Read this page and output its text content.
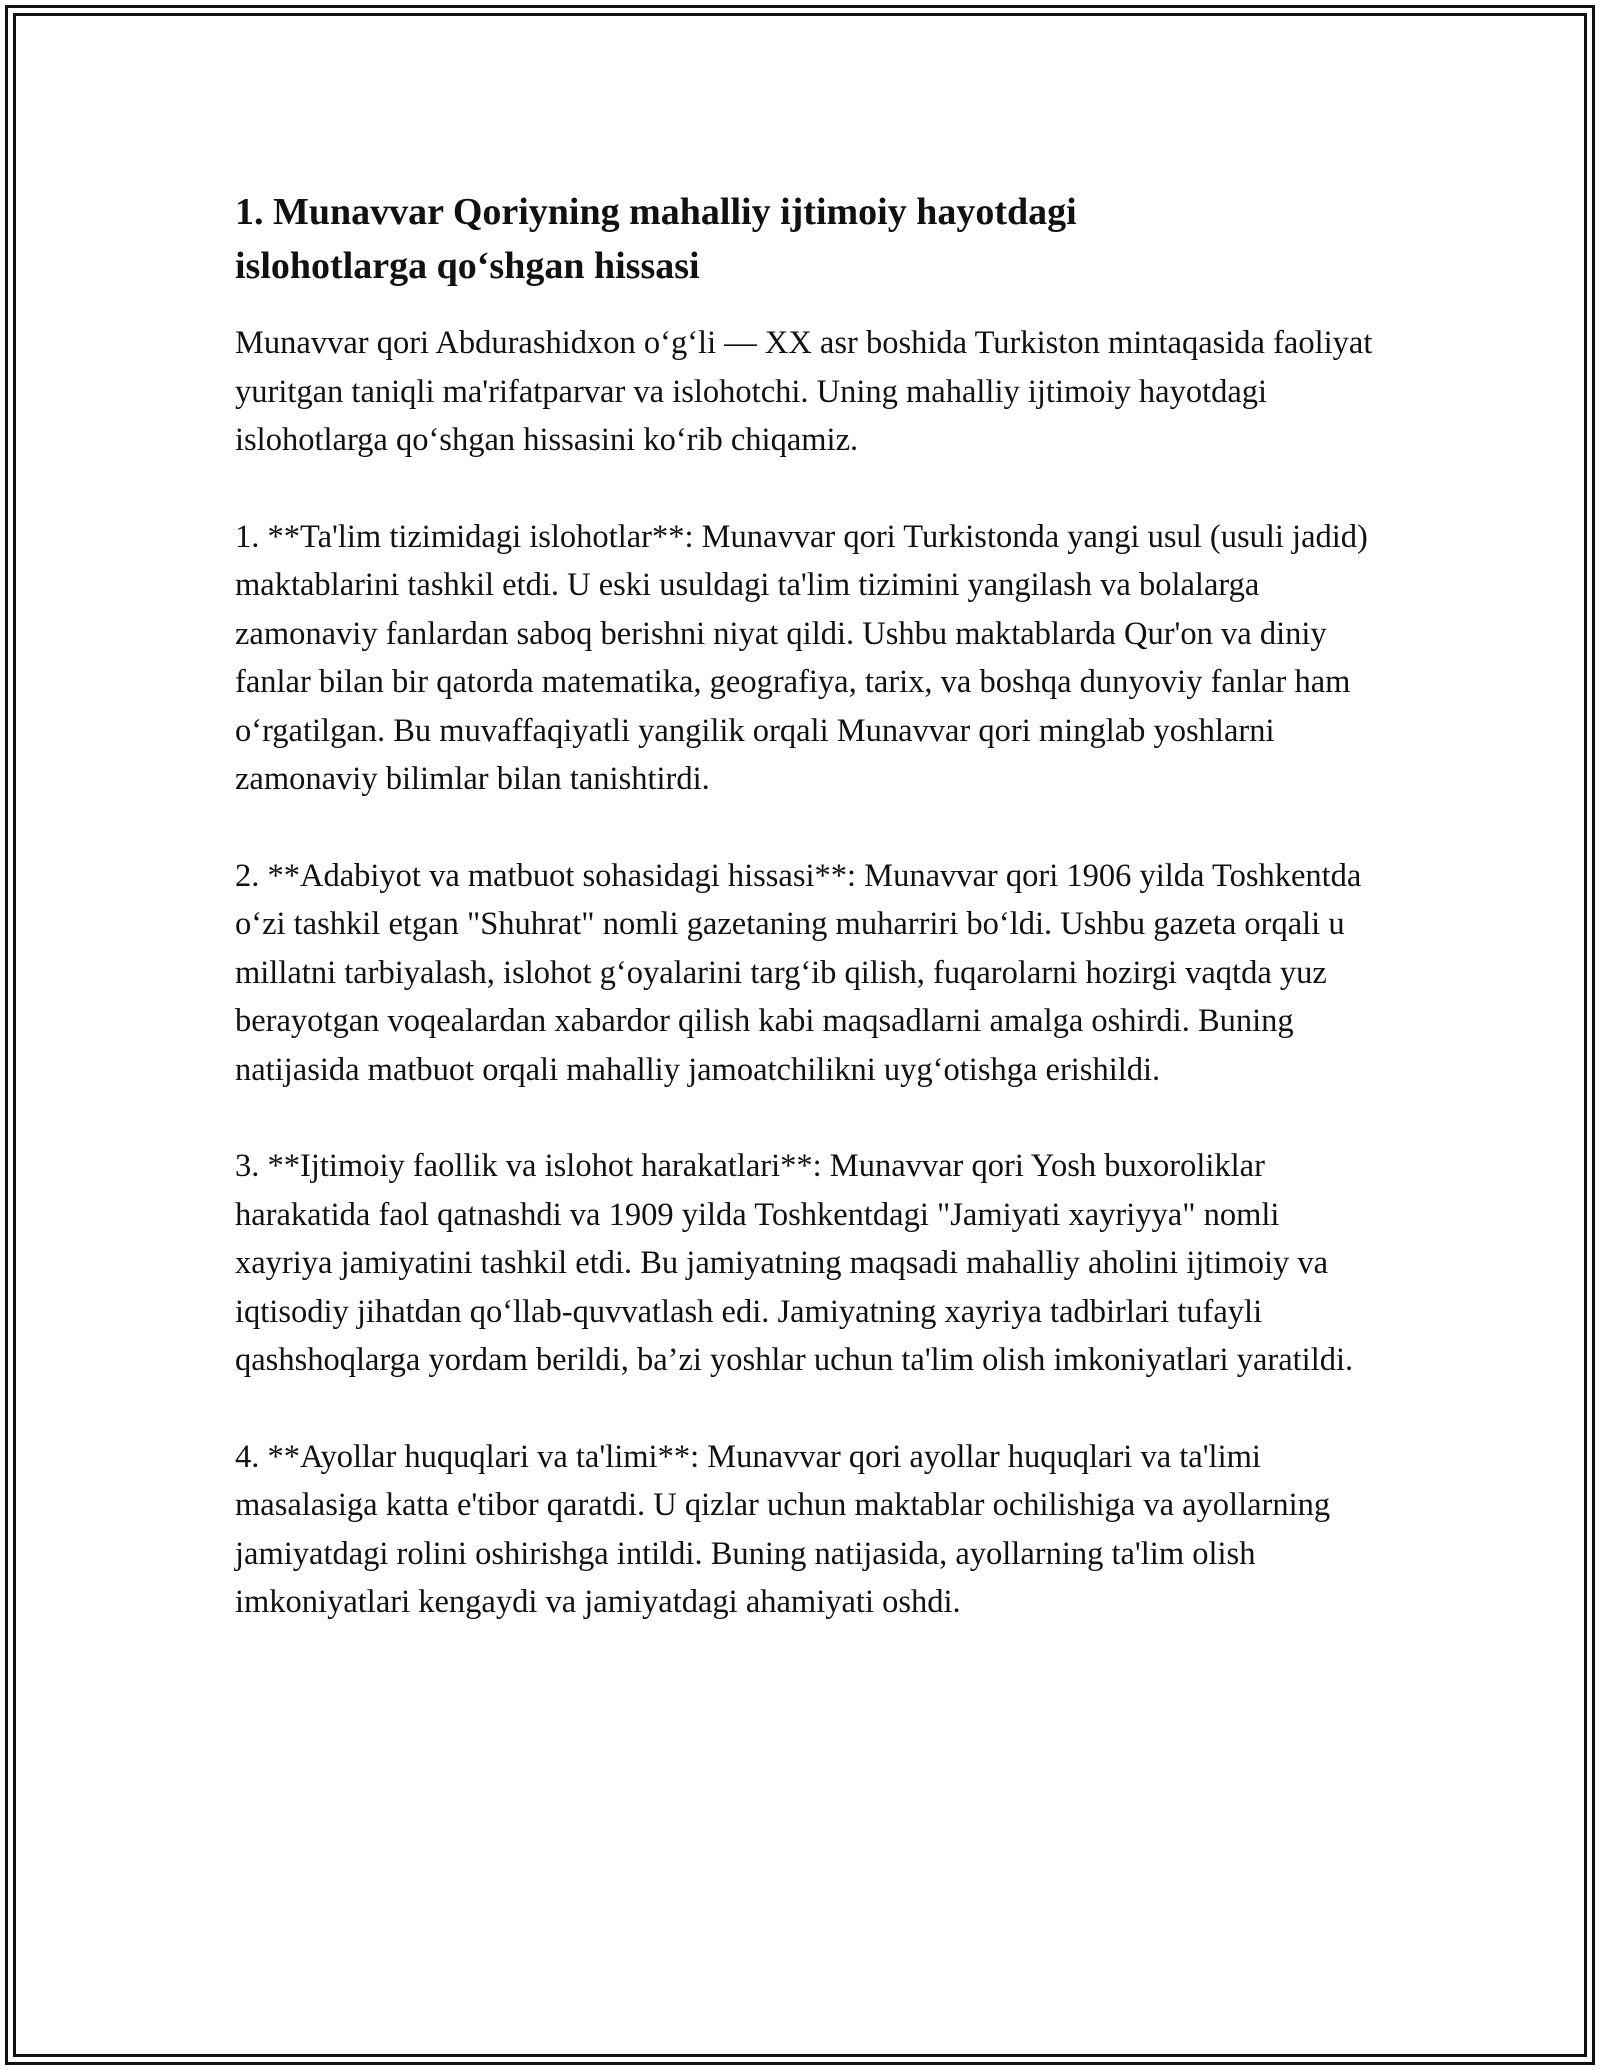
1. Munavvar Qoriyning mahalliy ijtimoiy hayotdagi islohotlarga qo‘shgan hissasi

Munavvar qori Abdurashidxon o‘g‘li — XX asr boshida Turkiston mintaqasida faoliyat yuritgan taniqli ma'rifatparvar va islohotchi. Uning mahalliy ijtimoiy hayotdagi islohotlarga qo‘shgan hissasini ko‘rib chiqamiz.

1. **Ta'lim tizimidagi islohotlar**: Munavvar qori Turkistonda yangi usul (usuli jadid) maktablarini tashkil etdi. U eski usuldagi ta'lim tizimini yangilash va bolalarga zamonaviy fanlardan saboq berishni niyat qildi. Ushbu maktablarda Qur'on va diniy fanlar bilan bir qatorda matematika, geografiya, tarix, va boshqa dunyoviy fanlar ham o‘rgatilgan. Bu muvaffaqiyatli yangilik orqali Munavvar qori minglab yoshlarni zamonaviy bilimlar bilan tanishtirdi.

2. **Adabiyot va matbuot sohasidagi hissasi**: Munavvar qori 1906 yilda Toshkentda o‘zi tashkil etgan "Shuhrat" nomli gazetaning muharriri bo‘ldi. Ushbu gazeta orqali u millatni tarbiyalash, islohot g‘oyalarini targ‘ib qilish, fuqarolarni hozirgi vaqtda yuz berayotgan voqealardan xabardor qilish kabi maqsadlarni amalga oshirdi. Buning natijasida matbuot orqali mahalliy jamoatchilikni uyg‘otishga erishildi.

3. **Ijtimoiy faollik va islohot harakatlari**: Munavvar qori Yosh buxoroliklar harakatida faol qatnashdi va 1909 yilda Toshkentdagi "Jamiyati xayriyya" nomli xayriya jamiyatini tashkil etdi. Bu jamiyatning maqsadi mahalliy aholini ijtimoiy va iqtisodiy jihatdan qo‘llab-quvvatlash edi. Jamiyatning xayriya tadbirlari tufayli qashshoqlarga yordam berildi, ba’zi yoshlar uchun ta'lim olish imkoniyatlari yaratildi.

4. **Ayollar huquqlari va ta'limi**: Munavvar qori ayollar huquqlari va ta'limi masalasiga katta e'tibor qaratdi. U qizlar uchun maktablar ochilishiga va ayollarning jamiyatdagi rolini oshirishga intildi. Buning natijasida, ayollarning ta'lim olish imkoniyatlari kengaydi va jamiyatdagi ahamiyati oshdi.
